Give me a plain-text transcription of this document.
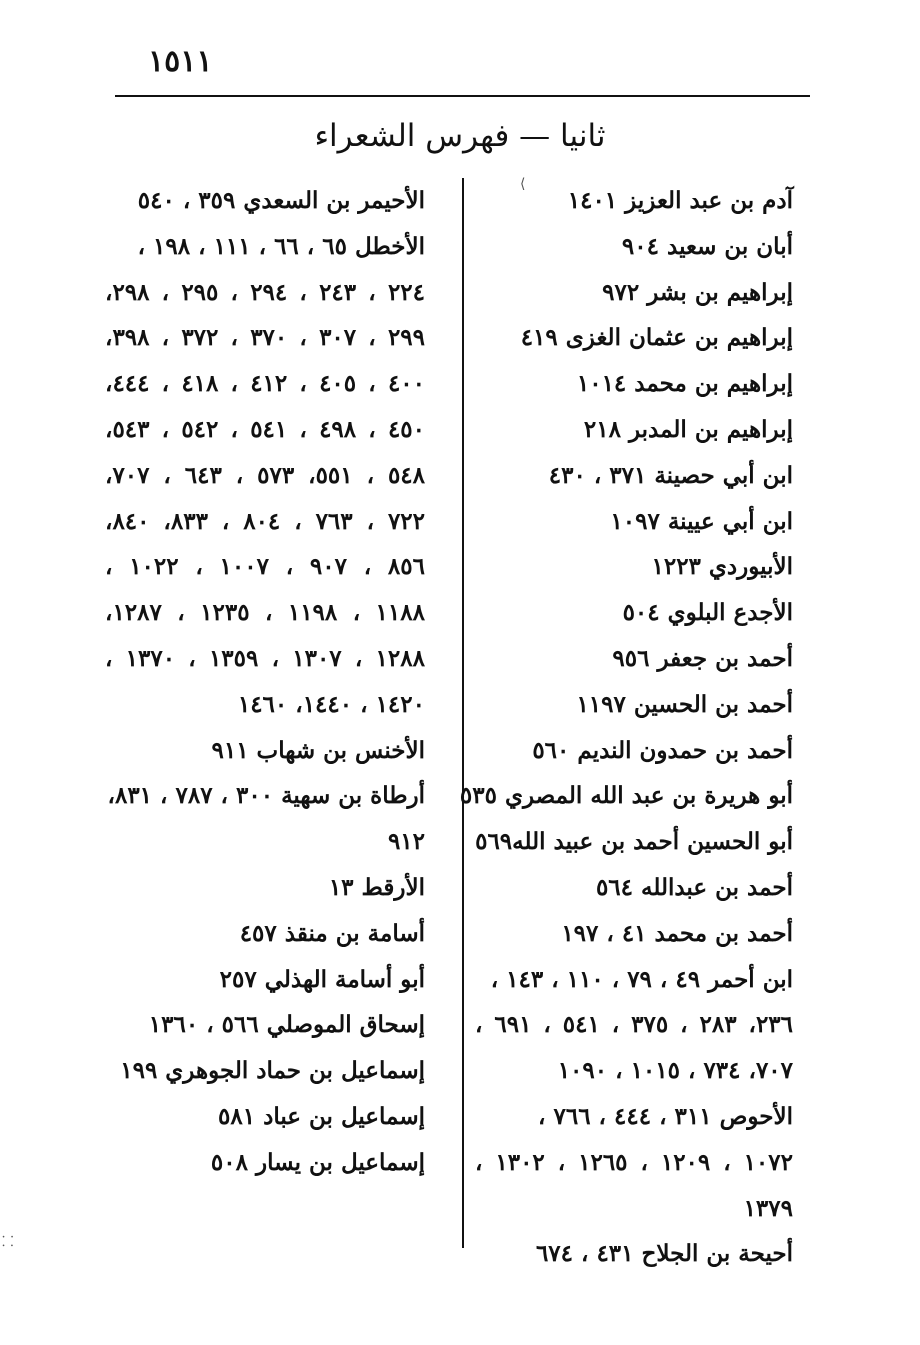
١٥١١
ثانيا — فهرس الشعراء
آدم بن عبد العزيز ١٤٠١
أبان بن سعيد ٩٠٤
إبراهيم بن بشر ٩٧٢
إبراهيم بن عثمان الغزى ٤١٩
إبراهيم بن محمد ١٠١٤
إبراهيم بن المدبر ٢١٨
ابن أبي حصينة ٣٧١ ، ٤٣٠
ابن أبي عيينة ١٠٩٧
الأبيوردي ١٢٢٣
الأجدع البلوي ٥٠٤
أحمد بن جعفر ٩٥٦
أحمد بن الحسين ١١٩٧
أحمد بن حمدون النديم ٥٦٠
أبو هريرة بن عبد الله المصري ٥٣٥
أبو الحسين أحمد بن عبيد الله٥٦٩
أحمد بن عبدالله ٥٦٤
أحمد بن محمد ٤١ ، ١٩٧
ابن أحمر ٤٩ ، ٧٩ ، ١١٠ ، ١٤٣ ،
٢٣٦، ٢٨٣ ، ٣٧٥ ، ٥٤١ ، ٦٩١ ،
٧٠٧، ٧٣٤ ، ١٠١٥ ، ١٠٩٠
الأحوص ٣١١ ، ٤٤٤ ، ٧٦٦ ،
١٠٧٢ ، ١٢٠٩ ، ١٢٦٥ ، ١٣٠٢ ،
١٣٧٩
أحيحة بن الجلاح ٤٣١ ، ٦٧٤
الأحيمر بن السعدي ٣٥٩ ، ٥٤٠
الأخطل ٦٥ ، ٦٦ ، ١١١ ، ١٩٨ ،
٢٢٤ ، ٢٤٣ ، ٢٩٤ ، ٢٩٥ ، ٢٩٨،
٢٩٩ ، ٣٠٧ ، ٣٧٠ ، ٣٧٢ ، ٣٩٨،
٤٠٠ ، ٤٠٥ ، ٤١٢ ، ٤١٨ ، ٤٤٤،
٤٥٠ ، ٤٩٨ ، ٥٤١ ، ٥٤٢ ، ٥٤٣،
٥٤٨ ، ٥٥١، ٥٧٣ ، ٦٤٣ ، ٧٠٧،
٧٢٢ ، ٧٦٣ ، ٨٠٤ ، ٨٣٣، ٨٤٠،
٨٥٦ ، ٩٠٧ ، ١٠٠٧ ، ١٠٢٢ ،
١١٨٨ ، ١١٩٨ ، ١٢٣٥ ، ١٢٨٧،
١٢٨٨ ، ١٣٠٧ ، ١٣٥٩ ، ١٣٧٠ ،
١٤٢٠ ، ١٤٤٠، ١٤٦٠
الأخنس بن شهاب ٩١١
أرطاة بن سهية ٣٠٠ ، ٧٨٧ ، ٨٣١،
٩١٢
الأرقط ١٣
أسامة بن منقذ ٤٥٧
أبو أسامة الهذلي ٢٥٧
إسحاق الموصلي ٥٦٦ ، ١٣٦٠
إسماعيل بن حماد الجوهري ١٩٩
إسماعيل بن عباد ٥٨١
إسماعيل بن يسار ٥٠٨
⟨
⸬
